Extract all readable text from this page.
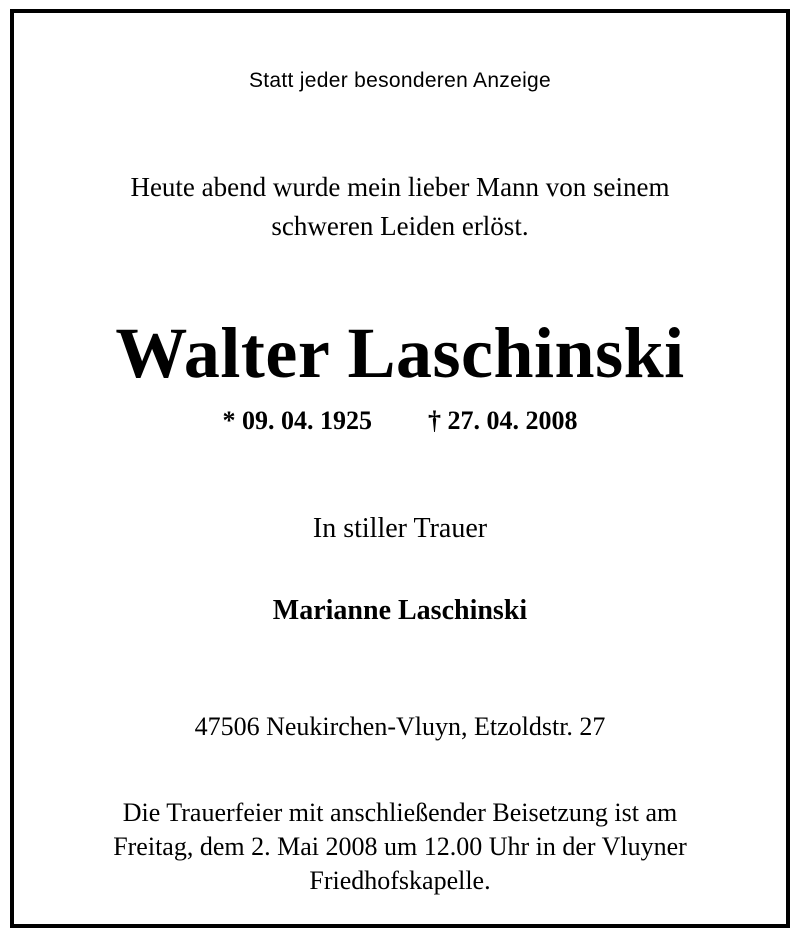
Statt jeder besonderen Anzeige

Heute abend wurde mein lieber Mann von seinem

schweren Leiden erlöst.

Walter Laschinski

* 09. 04. 1925 † 27. 04. 2008

In stiller Trauer

Marianne Laschinski

47506 Neukirchen-Vluyn, Etzoldstr. 27

Die Trauerfeier mit anschließender Beisetzung ist am

Freitag, dem 2. Mai 2008 um 12.00 Uhr in der Vluyner

Friedhofskapelle.
